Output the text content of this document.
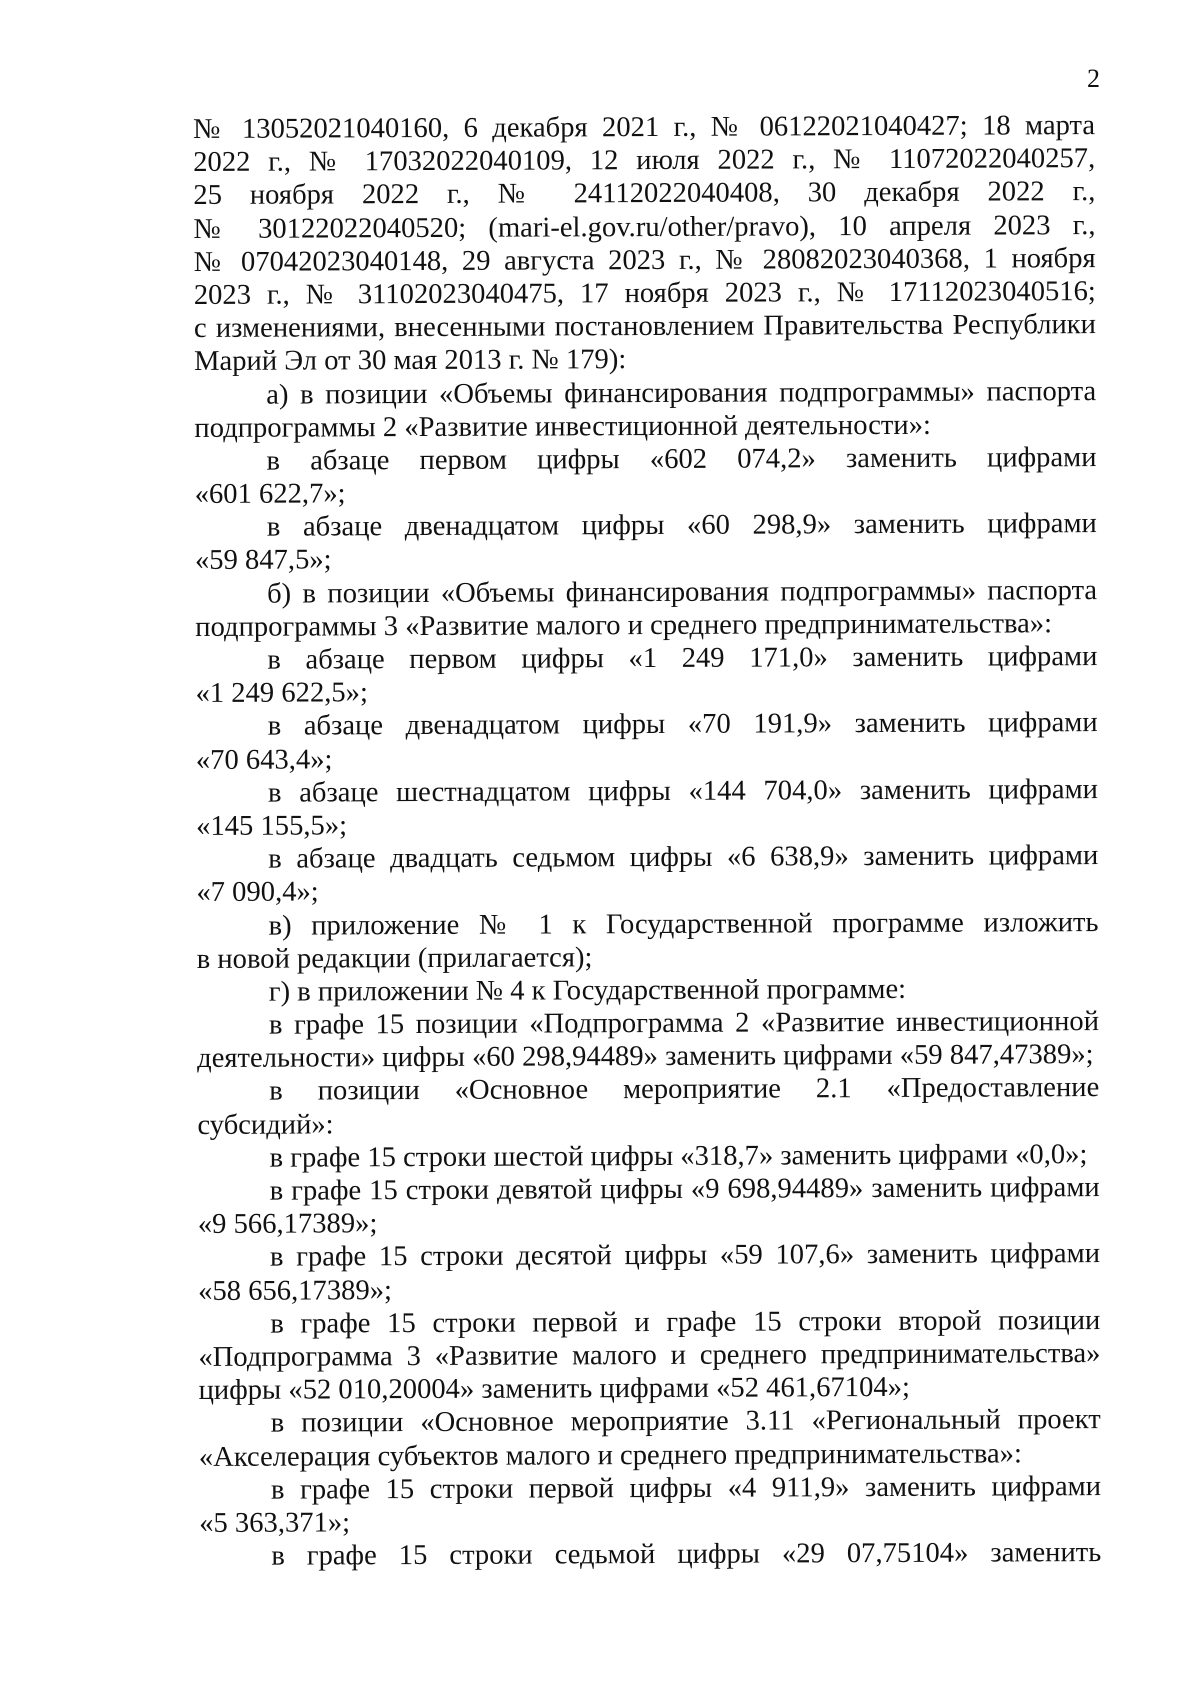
2
№ 13052021040160, 6 декабря 2021 г., № 06122021040427; 18 марта
2022 г., № 17032022040109, 12 июля 2022 г., № 11072022040257,
25 ноября 2022 г., № 24112022040408, 30 декабря 2022 г.,
№ 30122022040520; (mari-el.gov.ru/other/pravo), 10 апреля 2023 г.,
№ 07042023040148, 29 августа 2023 г., № 28082023040368, 1 ноября
2023 г., № 31102023040475, 17 ноября 2023 г., № 17112023040516;
с изменениями, внесенными постановлением Правительства Республики
Марий Эл от 30 мая 2013 г. № 179):
а) в позиции «Объемы финансирования подпрограммы» паспорта
подпрограммы 2 «Развитие инвестиционной деятельности»:
в абзаце первом цифры «602 074,2» заменить цифрами
«601 622,7»;
в абзаце двенадцатом цифры «60 298,9» заменить цифрами
«59 847,5»;
б) в позиции «Объемы финансирования подпрограммы» паспорта
подпрограммы 3 «Развитие малого и среднего предпринимательства»:
в абзаце первом цифры «1 249 171,0» заменить цифрами
«1 249 622,5»;
в абзаце двенадцатом цифры «70 191,9» заменить цифрами
«70 643,4»;
в абзаце шестнадцатом цифры «144 704,0» заменить цифрами
«145 155,5»;
в абзаце двадцать седьмом цифры «6 638,9» заменить цифрами
«7 090,4»;
в) приложение № 1 к Государственной программе изложить
в новой редакции (прилагается);
г) в приложении № 4 к Государственной программе:
в графе 15 позиции «Подпрограмма 2 «Развитие инвестиционной
деятельности» цифры «60 298,94489» заменить цифрами «59 847,47389»;
в позиции «Основное мероприятие 2.1 «Предоставление
субсидий»:
в графе 15 строки шестой цифры «318,7» заменить цифрами «0,0»;
в графе 15 строки девятой цифры «9 698,94489» заменить цифрами
«9 566,17389»;
в графе 15 строки десятой цифры «59 107,6» заменить цифрами
«58 656,17389»;
в графе 15 строки первой и графе 15 строки второй позиции
«Подпрограмма 3 «Развитие малого и среднего предпринимательства»
цифры «52 010,20004» заменить цифрами «52 461,67104»;
в позиции «Основное мероприятие 3.11 «Региональный проект
«Акселерация субъектов малого и среднего предпринимательства»:
в графе 15 строки первой цифры «4 911,9» заменить цифрами
«5 363,371»;
в графе 15 строки седьмой цифры «29 07,75104» заменить
